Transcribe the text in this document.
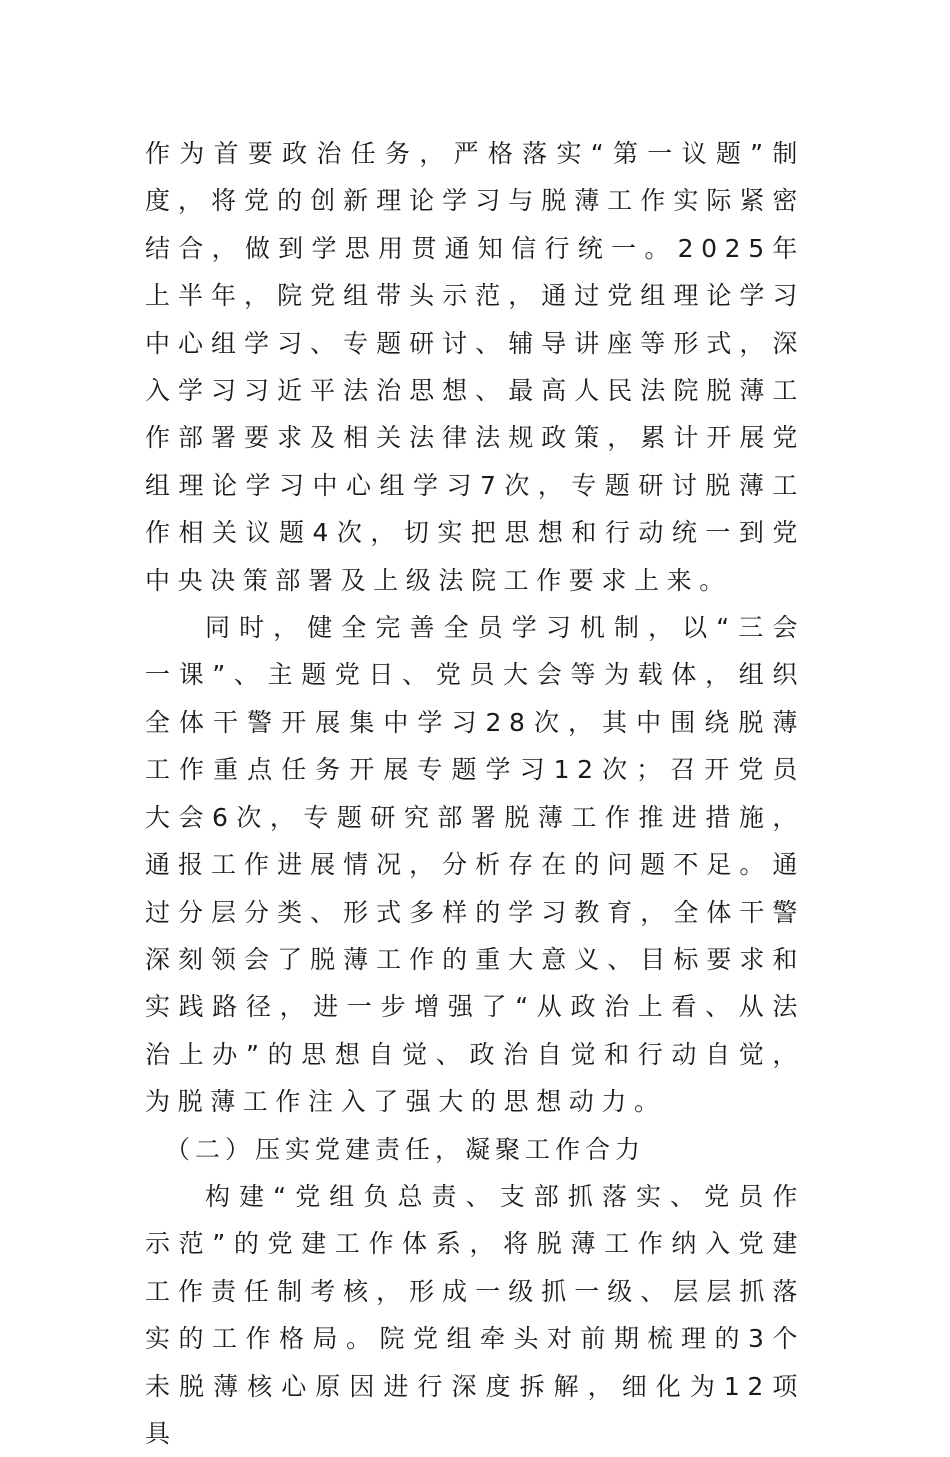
作为首要政治任务，严格落实“第一议题”制度，将党的创新理论学习与脱薄工作实际紧密结合，做到学思用贯通知信行统一。2025年上半年，院党组带头示范，通过党组理论学习中心组学习、专题研讨、辅导讲座等形式，深入学习习近平法治思想、最高人民法院脱薄工作部署要求及相关法律法规政策，累计开展党组理论学习中心组学习7次，专题研讨脱薄工作相关议题4次，切实把思想和行动统一到党中央决策部署及上级法院工作要求上来。

同时，健全完善全员学习机制，以“三会一课”、主题党日、党员大会等为载体，组织全体干警开展集中学习28次，其中围绕脱薄工作重点任务开展专题学习12次；召开党员大会6次，专题研究部署脱薄工作推进措施，通报工作进展情况，分析存在的问题不足。通过分层分类、形式多样的学习教育，全体干警深刻领会了脱薄工作的重大意义、目标要求和实践路径，进一步增强了“从政治上看、从法治上办”的思想自觉、政治自觉和行动自觉，为脱薄工作注入了强大的思想动力。

（二）压实党建责任，凝聚工作合力

构建“党组负总责、支部抓落实、党员作示范”的党建工作体系，将脱薄工作纳入党建工作责任制考核，形成一级抓一级、层层抓落实的工作格局。院党组牵头对前期梳理的3个未脱薄核心原因进行深度拆解，细化为12项具
